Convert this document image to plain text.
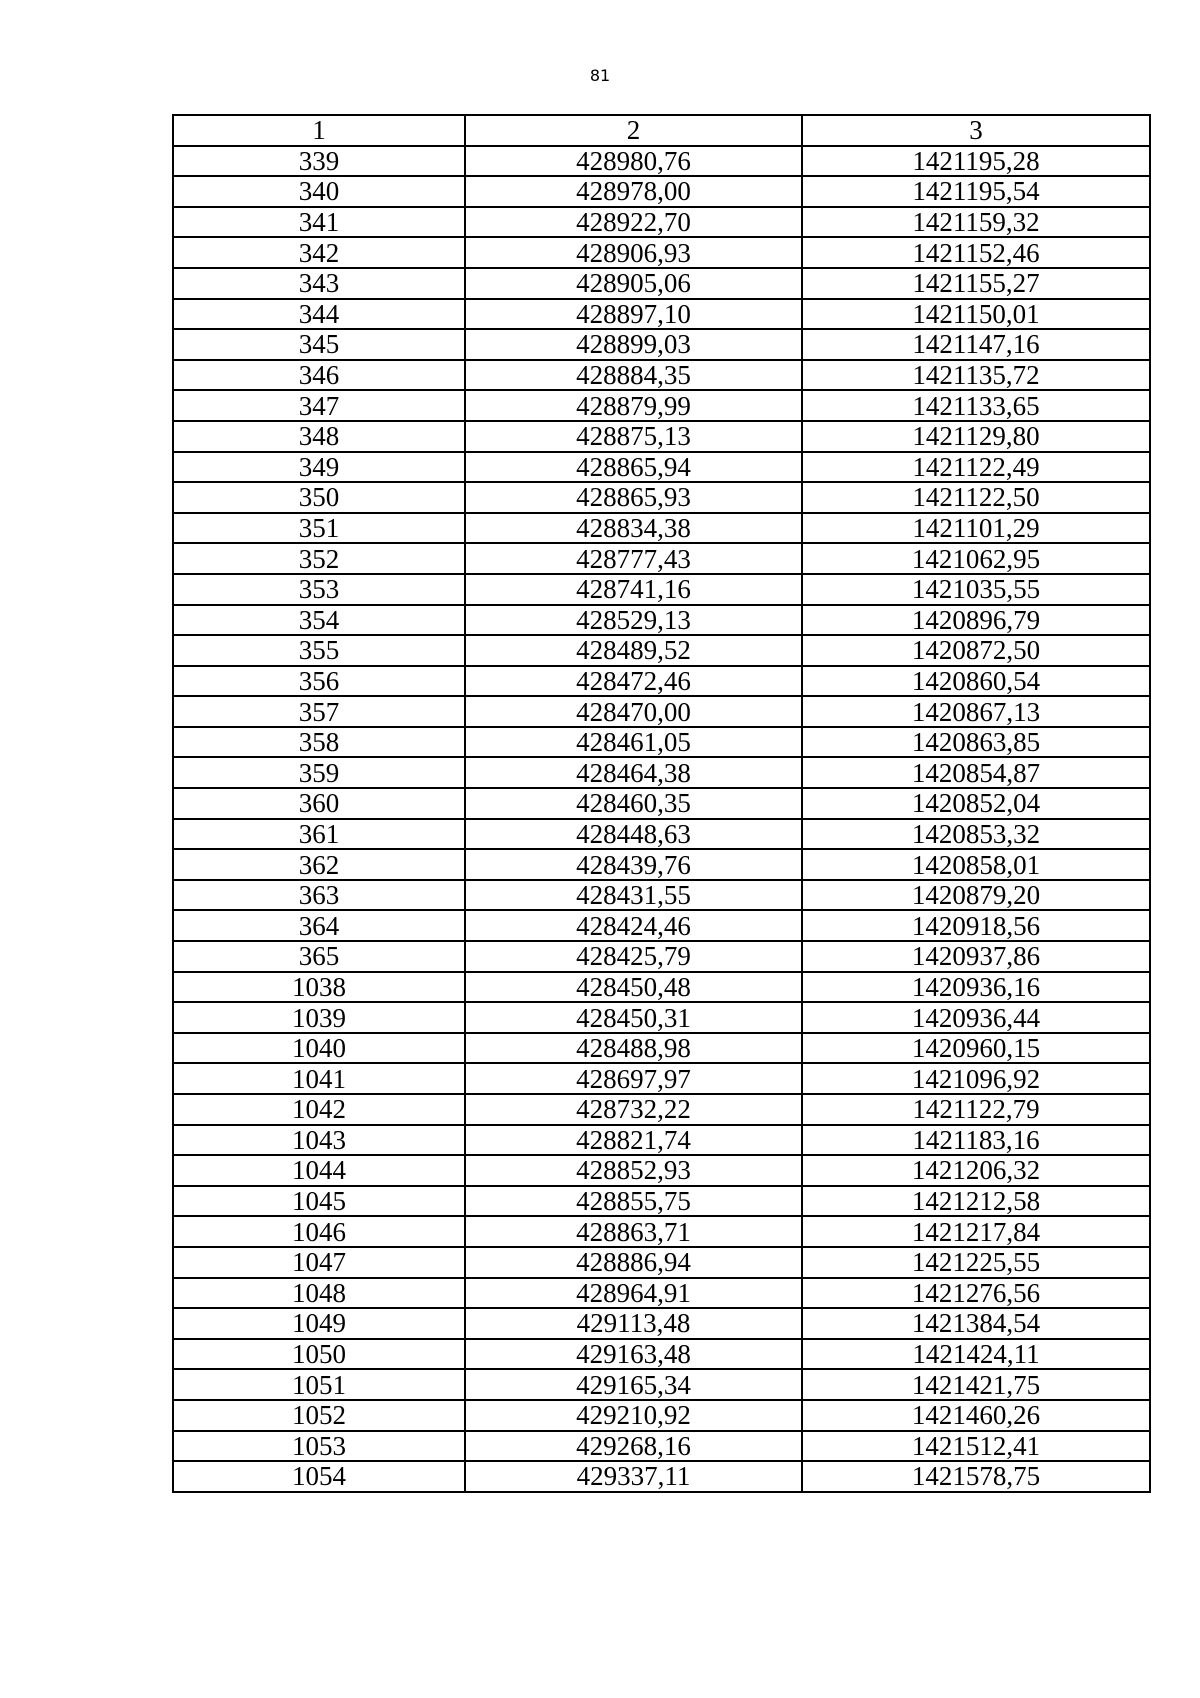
81
1	2	3
339	428980,76	1421195,28
340	428978,00	1421195,54
341	428922,70	1421159,32
342	428906,93	1421152,46
343	428905,06	1421155,27
344	428897,10	1421150,01
345	428899,03	1421147,16
346	428884,35	1421135,72
347	428879,99	1421133,65
348	428875,13	1421129,80
349	428865,94	1421122,49
350	428865,93	1421122,50
351	428834,38	1421101,29
352	428777,43	1421062,95
353	428741,16	1421035,55
354	428529,13	1420896,79
355	428489,52	1420872,50
356	428472,46	1420860,54
357	428470,00	1420867,13
358	428461,05	1420863,85
359	428464,38	1420854,87
360	428460,35	1420852,04
361	428448,63	1420853,32
362	428439,76	1420858,01
363	428431,55	1420879,20
364	428424,46	1420918,56
365	428425,79	1420937,86
1038	428450,48	1420936,16
1039	428450,31	1420936,44
1040	428488,98	1420960,15
1041	428697,97	1421096,92
1042	428732,22	1421122,79
1043	428821,74	1421183,16
1044	428852,93	1421206,32
1045	428855,75	1421212,58
1046	428863,71	1421217,84
1047	428886,94	1421225,55
1048	428964,91	1421276,56
1049	429113,48	1421384,54
1050	429163,48	1421424,11
1051	429165,34	1421421,75
1052	429210,92	1421460,26
1053	429268,16	1421512,41
1054	429337,11	1421578,75
